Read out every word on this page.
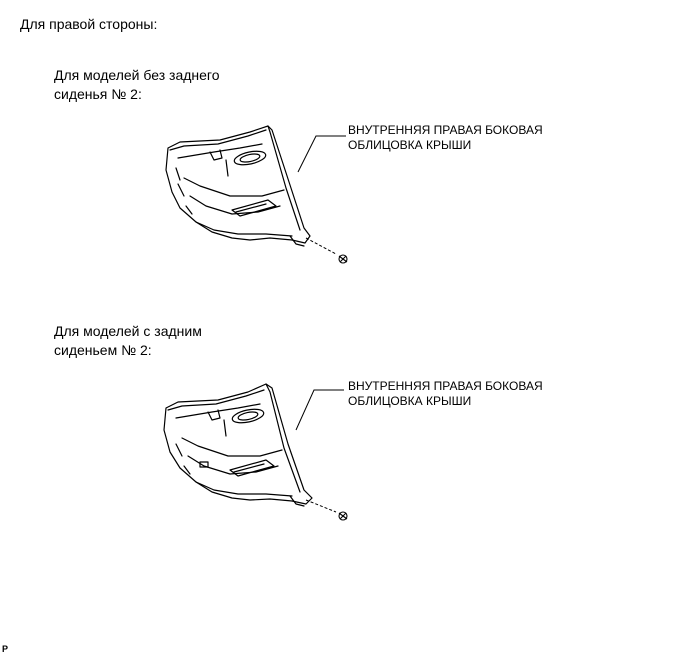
Для правой стороны:
Для моделей без заднего
сиденья № 2:
ВНУТРЕННЯЯ ПРАВАЯ БОКОВАЯ
ОБЛИЦОВКА КРЫШИ
Для моделей с задним
сиденьем № 2:
ВНУТРЕННЯЯ ПРАВАЯ БОКОВАЯ
ОБЛИЦОВКА КРЫШИ
P
